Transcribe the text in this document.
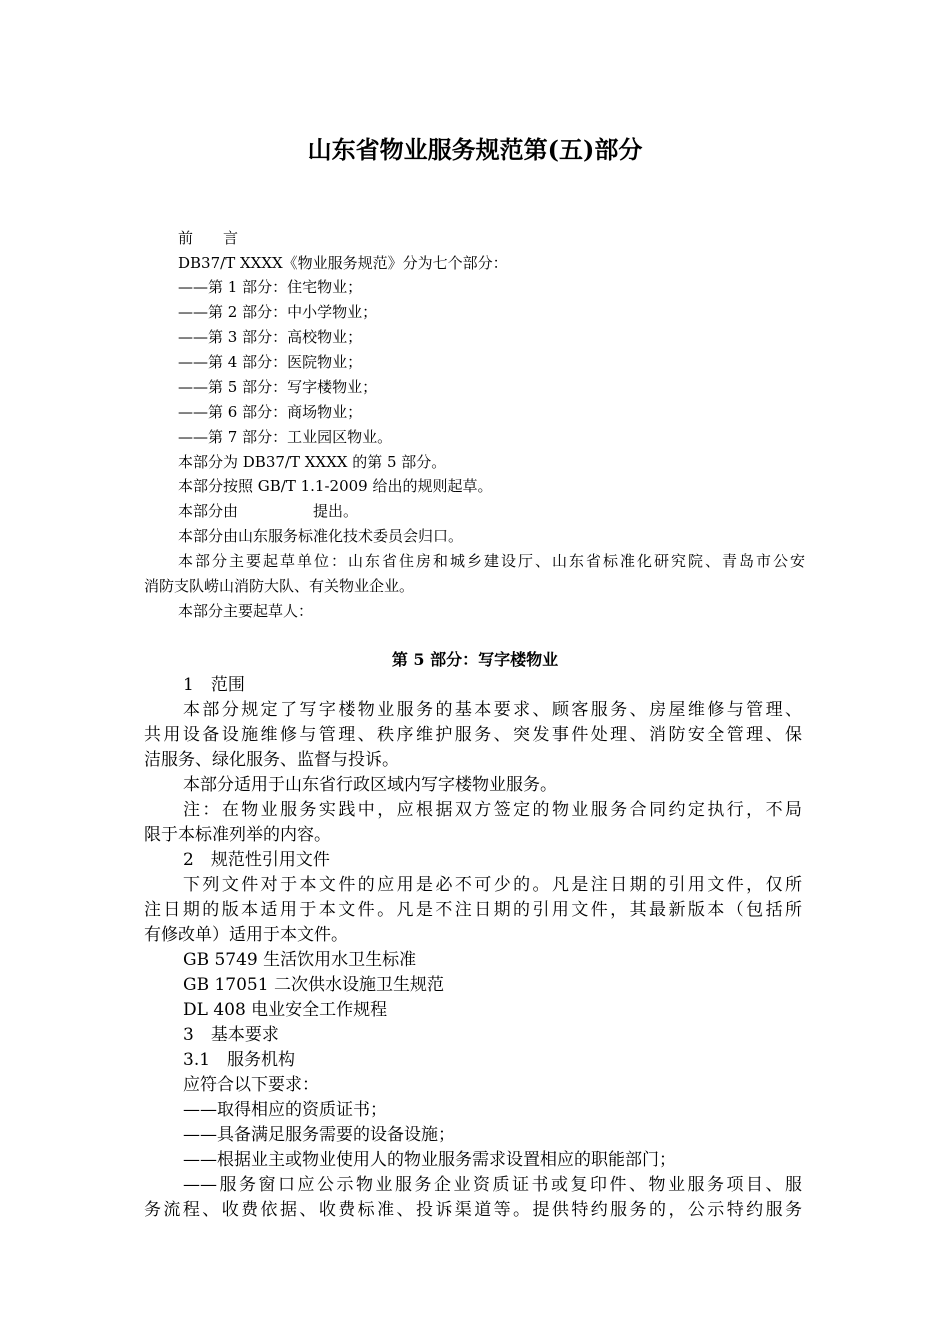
山东省物业服务规范第(五)部分
前　　言
DB37/T XXXX《物业服务规范》分为七个部分：
——第 1 部分：住宅物业；
——第 2 部分：中小学物业；
——第 3 部分：高校物业；
——第 4 部分：医院物业；
——第 5 部分：写字楼物业；
——第 6 部分：商场物业；
——第 7 部分：工业园区物业。
本部分为 DB37/T XXXX 的第 5 部分。
本部分按照 GB/T 1.1-2009 给出的规则起草。
本部分由　　　　　提出。
本部分由山东服务标准化技术委员会归口。
本部分主要起草单位：山东省住房和城乡建设厅、山东省标准化研究院、青岛市公安
消防支队崂山消防大队、有关物业企业。
本部分主要起草人：
第 5 部分：写字楼物业
1　范围
本部分规定了写字楼物业服务的基本要求、顾客服务、房屋维修与管理、
共用设备设施维修与管理、秩序维护服务、突发事件处理、消防安全管理、保
洁服务、绿化服务、监督与投诉。
本部分适用于山东省行政区域内写字楼物业服务。
注：在物业服务实践中，应根据双方签定的物业服务合同约定执行，不局
限于本标准列举的内容。
2　规范性引用文件
下列文件对于本文件的应用是必不可少的。凡是注日期的引用文件，仅所
注日期的版本适用于本文件。凡是不注日期的引用文件，其最新版本（包括所
有修改单）适用于本文件。
GB 5749 生活饮用水卫生标准
GB 17051 二次供水设施卫生规范
DL 408 电业安全工作规程
3　基本要求
3.1　服务机构
应符合以下要求：
——取得相应的资质证书；
——具备满足服务需要的设备设施；
——根据业主或物业使用人的物业服务需求设置相应的职能部门；
——服务窗口应公示物业服务企业资质证书或复印件、物业服务项目、服
务流程、收费依据、收费标准、投诉渠道等。提供特约服务的，公示特约服务
